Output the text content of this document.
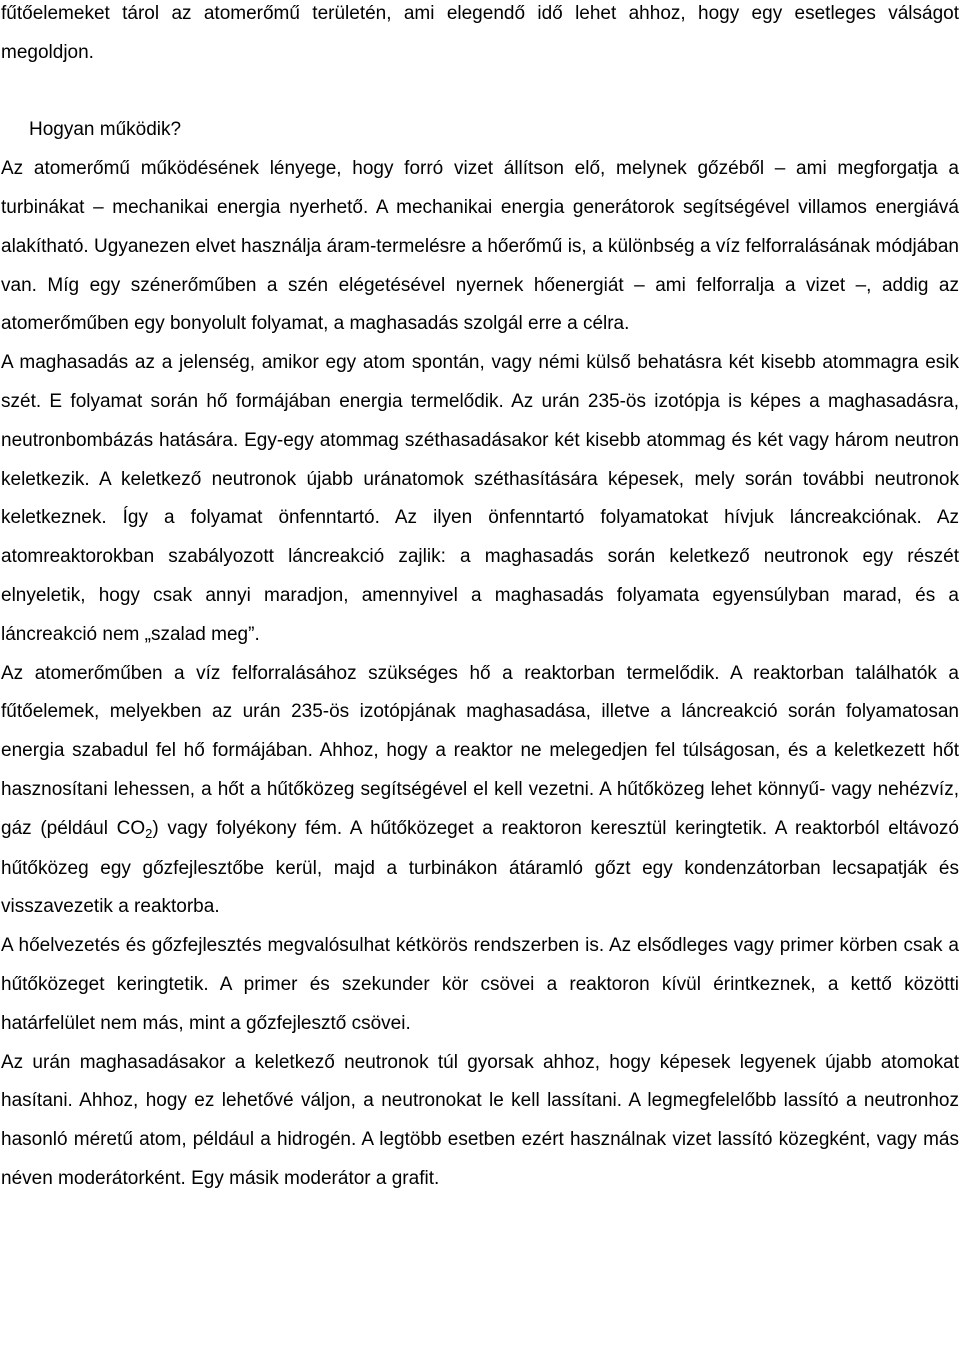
fűtőelemeket tárol az atomerőmű területén, ami elegendő idő lehet ahhoz, hogy egy esetleges válságot megoldjon.

Hogyan működik?

Az atomerőmű működésének lényege, hogy forró vizet állítson elő, melynek gőzéből – ami megforgatja a turbinákat – mechanikai energia nyerhető. A mechanikai energia generátorok segítségével villamos energiává alakítható. Ugyanezen elvet használja áram-termelésre a hőerőmű is, a különbség a víz felforralásának módjában van. Míg egy szénerőműben a szén elégetésével nyernek hőenergiát – ami felforralja a vizet –, addig az atomerőműben egy bonyolult folyamat, a maghasadás szolgál erre a célra.

A maghasadás az a jelenség, amikor egy atom spontán, vagy némi külső behatásra két kisebb atommagra esik szét. E folyamat során hő formájában energia termelődik. Az urán 235-ös izotópja is képes a maghasadásra, neutronbombázás hatására. Egy-egy atommag széthasadásakor két kisebb atommag és két vagy három neutron keletkezik. A keletkező neutronok újabb uránatomok széthasítására képesek, mely során további neutronok keletkeznek. Így a folyamat önfenntartó. Az ilyen önfenntartó folyamatokat hívjuk láncreakciónak. Az atomreaktorokban szabályozott láncreakció zajlik: a maghasadás során keletkező neutronok egy részét elnyeletik, hogy csak annyi maradjon, amennyivel a maghasadás folyamata egyensúlyban marad, és a láncreakció nem „szalad meg”.

Az atomerőműben a víz felforralásához szükséges hő a reaktorban termelődik. A reaktorban találhatók a fűtőelemek, melyekben az urán 235-ös izotópjának maghasadása, illetve a láncreakció során folyamatosan energia szabadul fel hő formájában. Ahhoz, hogy a reaktor ne melegedjen fel túlságosan, és a keletkezett hőt hasznosítani lehessen, a hőt a hűtőközeg segítségével el kell vezetni. A hűtőközeg lehet könnyű- vagy nehézvíz, gáz (például $CO_2$) vagy folyékony fém. A hűtőközeget a reaktoron keresztül keringtetik. A reaktorból eltávozó hűtőközeg egy gőzfejlesztőbe kerül, majd a turbinákon átáramló gőzt egy kondenzátorban lecsapatják és visszavezetik a reaktorba.

A hőelvezetés és gőzfejlesztés megvalósulhat kétkörös rendszerben is. Az elsődleges vagy primer körben csak a hűtőközeget keringtetik. A primer és szekunder kör csövei a reaktoron kívül érintkeznek, a kettő közötti határfelület nem más, mint a gőzfejlesztő csövei.

Az urán maghasadásakor a keletkező neutronok túl gyorsak ahhoz, hogy képesek legyenek újabb atomokat hasítani. Ahhoz, hogy ez lehetővé váljon, a neutronokat le kell lassítani. A legmegfelelőbb lassító a neutronhoz hasonló méretű atom, például a hidrogén. A legtöbb esetben ezért használnak vizet lassító közegként, vagy más néven moderátorként. Egy másik moderátor a grafit.
